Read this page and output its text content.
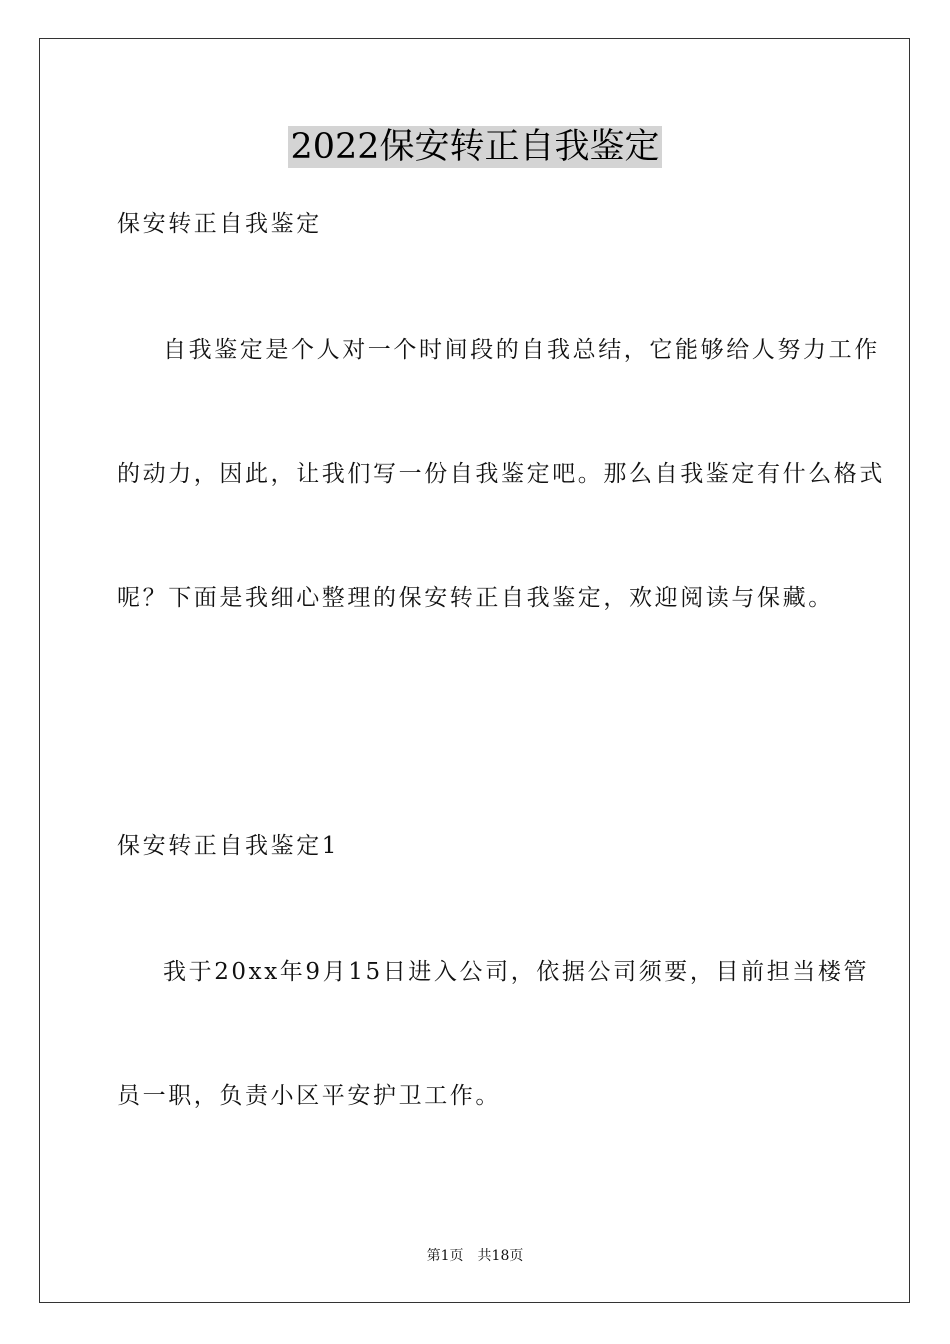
2022保安转正自我鉴定
保安转正自我鉴定
自我鉴定是个人对一个时间段的自我总结，它能够给人努力工作
的动力，因此，让我们写一份自我鉴定吧。那么自我鉴定有什么格式
呢？下面是我细心整理的保安转正自我鉴定，欢迎阅读与保藏。
保安转正自我鉴定1
我于20xx年9月15日进入公司，依据公司须要，目前担当楼管
员一职，负责小区平安护卫工作。
第1页 共18页
